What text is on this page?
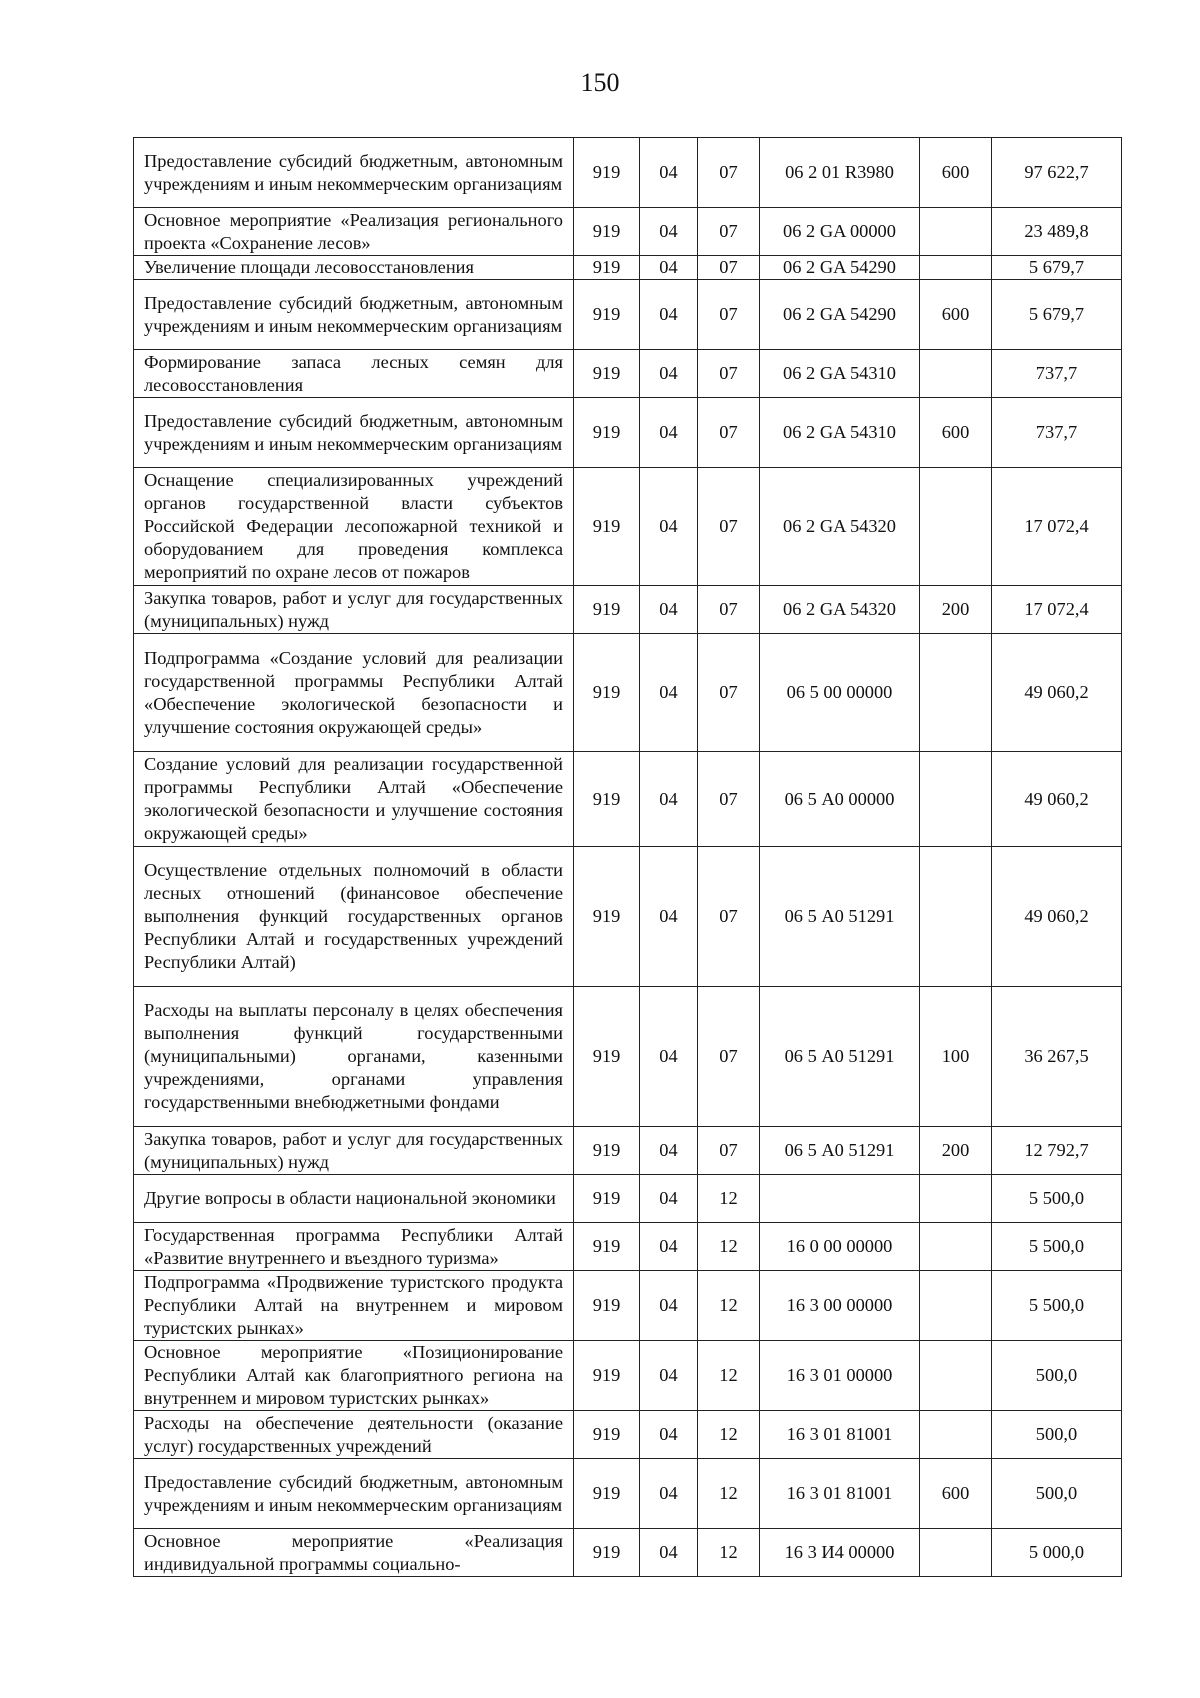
150
Предоставление субсидий бюджетным, автономным учреждениям и иным некоммерческим организациям	919	04	07	06 2 01 R3980	600	97 622,7
Основное мероприятие «Реализация регионального проекта «Сохранение лесов»	919	04	07	06 2 GA 00000		23 489,8
Увеличение площади лесовосстановления	919	04	07	06 2 GA 54290		5 679,7
Предоставление субсидий бюджетным, автономным учреждениям и иным некоммерческим организациям	919	04	07	06 2 GA 54290	600	5 679,7
Формирование запаса лесных семян для лесовосстановления	919	04	07	06 2 GA 54310		737,7
Предоставление субсидий бюджетным, автономным учреждениям и иным некоммерческим организациям	919	04	07	06 2 GA 54310	600	737,7
Оснащение специализированных учреждений органов государственной власти субъектов Российской Федерации лесопожарной техникой и оборудованием для проведения комплекса мероприятий по охране лесов от пожаров	919	04	07	06 2 GA 54320		17 072,4
Закупка товаров, работ и услуг для государственных (муниципальных) нужд	919	04	07	06 2 GA 54320	200	17 072,4
Подпрограмма «Создание условий для реализации государственной программы Республики Алтай «Обеспечение экологической безопасности и улучшение состояния окружающей среды»	919	04	07	06 5 00 00000		49 060,2
Создание условий для реализации государственной программы Республики Алтай «Обеспечение экологической безопасности и улучшение состояния окружающей среды»	919	04	07	06 5 А0 00000		49 060,2
Осуществление отдельных полномочий в области лесных отношений (финансовое обеспечение выполнения функций государственных органов Республики Алтай и государственных учреждений Республики Алтай)	919	04	07	06 5 А0 51291		49 060,2
Расходы на выплаты персоналу в целях обеспечения выполнения функций государственными (муниципальными) органами, казенными учреждениями, органами управления государственными внебюджетными фондами	919	04	07	06 5 А0 51291	100	36 267,5
Закупка товаров, работ и услуг для государственных (муниципальных) нужд	919	04	07	06 5 А0 51291	200	12 792,7
Другие вопросы в области национальной экономики	919	04	12			5 500,0
Государственная программа Республики Алтай «Развитие внутреннего и въездного туризма»	919	04	12	16 0 00 00000		5 500,0
Подпрограмма «Продвижение туристского продукта Республики Алтай на внутреннем и мировом туристских рынках»	919	04	12	16 3 00 00000		5 500,0
Основное мероприятие «Позиционирование Республики Алтай как благоприятного региона на внутреннем и мировом туристских рынках»	919	04	12	16 3 01 00000		500,0
Расходы на обеспечение деятельности (оказание услуг) государственных учреждений	919	04	12	16 3 01 81001		500,0
Предоставление субсидий бюджетным, автономным учреждениям и иным некоммерческим организациям	919	04	12	16 3 01 81001	600	500,0
Основное мероприятие «Реализация индивидуальной программы социально-	919	04	12	16 3 И4 00000		5 000,0
